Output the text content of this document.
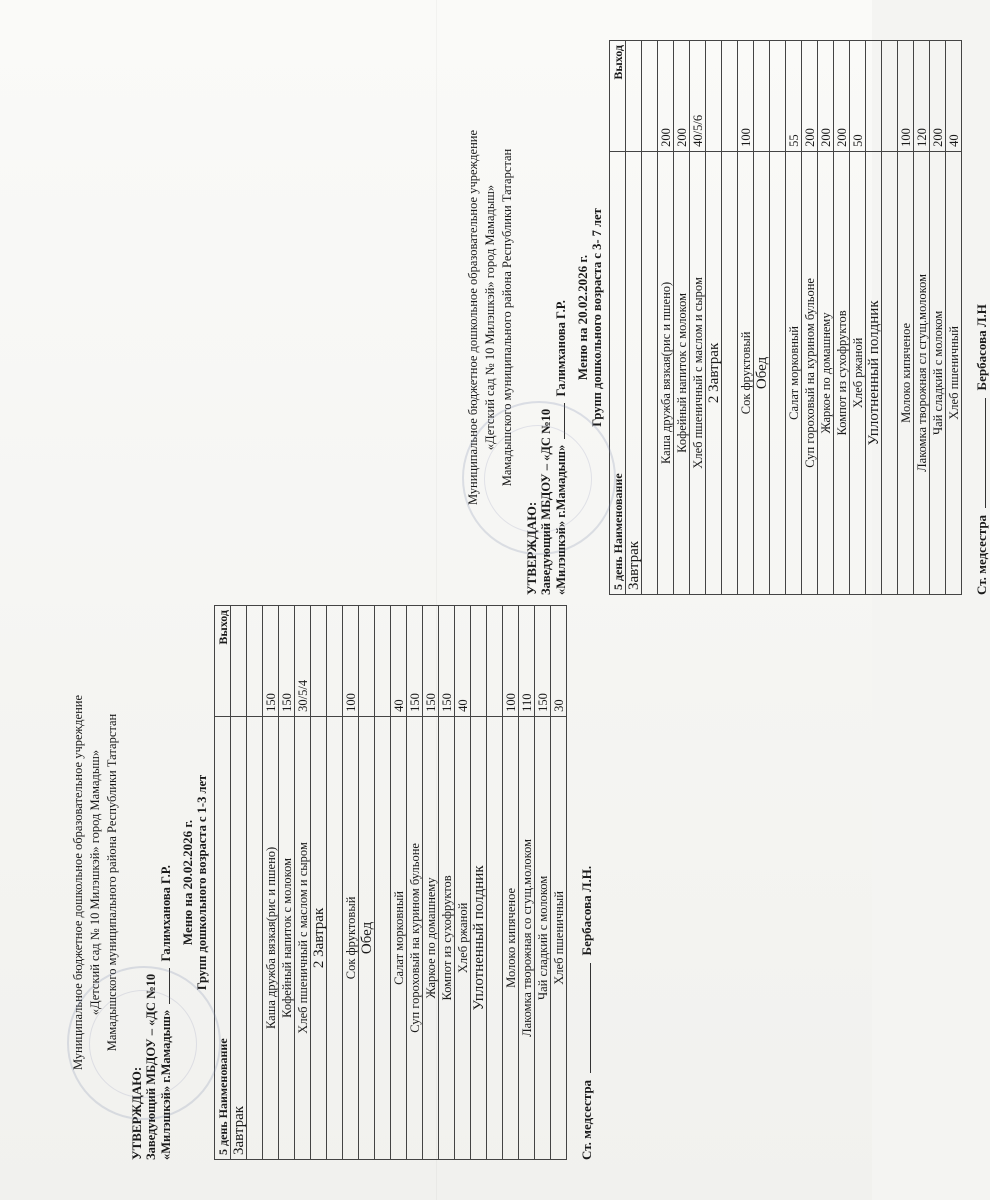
Муниципальное бюджетное дошкольное образовательное учреждение «Детский сад № 10 Милэшкэй» город Мамадыш» Мамадышского муниципального района Республики Татарстан
УТВЕРЖДАЮ: Заведующий МБДОУ – «ДС №10 «Милэшкэй» г.Мамадыш»  Галимханова Г.Р. Меню на 20.02.2026 г. Групп дошкольного возраста с 1-3 лет
5 день Наименование	Выход
Завтрак	

Каша дружба вязкая(рис и пшено)	150
Кофейный напиток с молоком	150
Хлеб пшеничный с маслом и сыром	30/5/4
2 Завтрак	

Сок фруктовый	100
Обед	

Салат морковный	40
Суп гороховый на курином бульоне	150
Жаркое по домашнему	150
Компот из сухофруктов	150
Хлеб ржаной	40
Уплотненный полдник	

Молоко кипяченое	100
Лакомка творожная со сгущ.молоком	110
Чай сладкий с молоком	150
Хлеб пшеничный	30
Ст. медсестра  Бербасова Л.Н.
Муниципальное бюджетное дошкольное образовательное учреждение «Детский сад № 10 Милэшкэй» город Мамадыш» Мамадышского муниципального района Республики Татарстан
УТВЕРЖДАЮ: Заведующий МБДОУ – «ДС №10 «Милэшкэй» г.Мамадыш»  Галимханова Г.Р. Меню на 20.02.2026 г. Групп дошкольного возраста с 3- 7 лет
5 день Наименование	Выход
Завтрак	

Каша дружба вязкая(рис и пшено)	200
Кофейный напиток с молоком	200
Хлеб пшеничный с маслом и сыром	40/5/6
2 Завтрак	

Сок фруктовый	100
Обед	

Салат морковный	55
Суп гороховый на курином бульоне	200
Жаркое по домашнему	200
Компот из сухофруктов	200
Хлеб ржаной	50
Уплотненный полдник	

Молоко кипяченое	100
Лакомка творожная сл сгущ.молоком	120
Чай сладкий с молоком	200
Хлеб пшеничный	40
Ст. медсестра  Бербасова Л.Н
